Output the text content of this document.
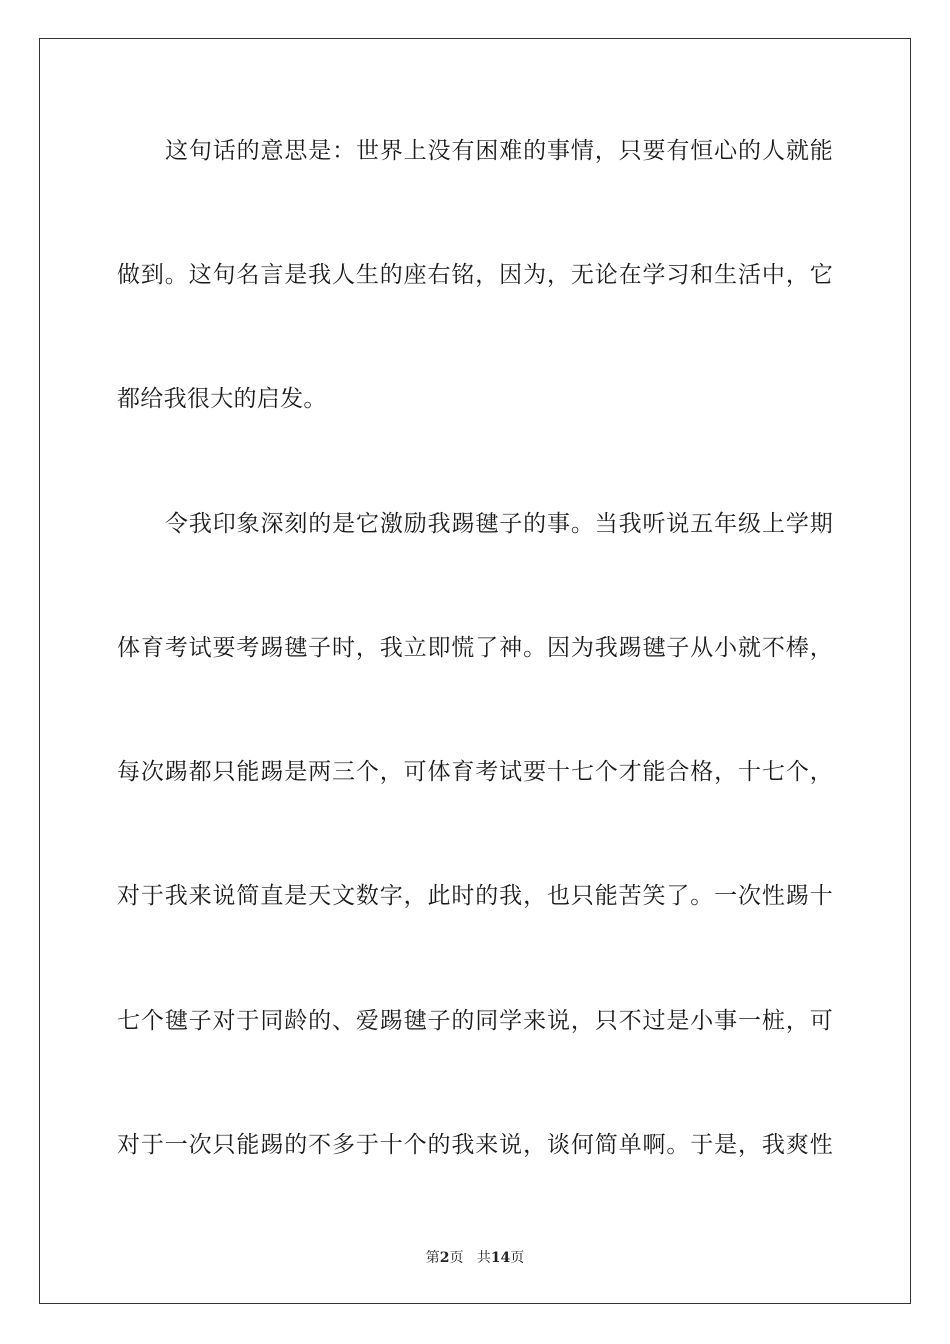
这句话的意思是：世界上没有困难的事情，只要有恒心的人就能
做到。这句名言是我人生的座右铭，因为，无论在学习和生活中，它
都给我很大的启发。
令我印象深刻的是它激励我踢毽子的事。当我听说五年级上学期
体育考试要考踢毽子时，我立即慌了神。因为我踢毽子从小就不棒，
每次踢都只能踢是两三个，可体育考试要十七个才能合格，十七个，
对于我来说简直是天文数字，此时的我，也只能苦笑了。一次性踢十
七个毽子对于同龄的、爱踢毽子的同学来说，只不过是小事一桩，可
对于一次只能踢的不多于十个的我来说，谈何简单啊。于是，我爽性
第2页 共14页
